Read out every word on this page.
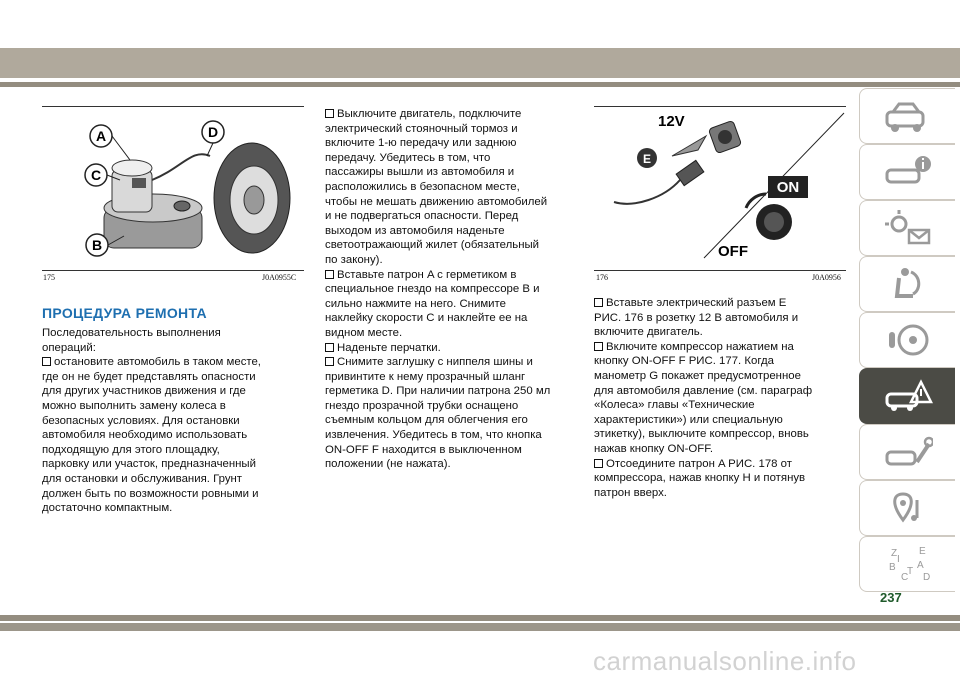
A
C
B
D
175	J0A0955C
ПРОЦЕДУРА РЕМОНТА

Последовательность выполнения

операций:

остановите автомобиль в таком месте,

где он не будет представлять опасности

для других участников движения и где

можно выполнить замену колеса в

безопасных условиях. Для остановки

автомобиля необходимо использовать

подходящую для этого площадку,

парковку или участок, предназначенный

для остановки и обслуживания. Грунт

должен быть по возможности ровными и

достаточно компактным.

Выключите двигатель, подключите

электрический стояночный тормоз и

включите 1-ю передачу или заднюю

передачу. Убедитесь в том, что

пассажиры вышли из автомобиля и

расположились в безопасном месте,

чтобы не мешать движению автомобилей

и не подвергаться опасности. Перед

выходом из автомобиля наденьте

светоотражающий жилет (обязательный

по закону).

Вставьте патрон A с герметиком в

специальное гнездо на компрессоре B и

сильно нажмите на него. Снимите

наклейку скорости C и наклейте ее на

видном месте.

Наденьте перчатки.

Снимите заглушку с ниппеля шины и

привинтите к нему прозрачный шланг

герметика D. При наличии патрона 250 мл

гнездо прозрачной трубки оснащено

съемным кольцом для облегчения его

извлечения. Убедитесь в том, что кнопка

ON-OFF F находится в выключенном

положении (не нажата).

12V
E
ON
OFF
176	J0A0956

Вставьте электрический разъем E

РИС. 176 в розетку 12 В автомобиля и

включите двигатель.

Включите компрессор нажатием на

кнопку ON-OFF F РИС. 177. Когда

манометр G покажет предусмотренное

для автомобиля давление (см. параграф

«Колеса» главы «Технические

характеристики») или специальную

этикетку), выключите компрессор, вновь

нажав кнопку ON-OFF.

Отсоедините патрон A РИС. 178 от

компрессора, нажав кнопку H и потянув

патрон вверх.

Z E
B A
C D
I
T
237
carmanualsonline.info
